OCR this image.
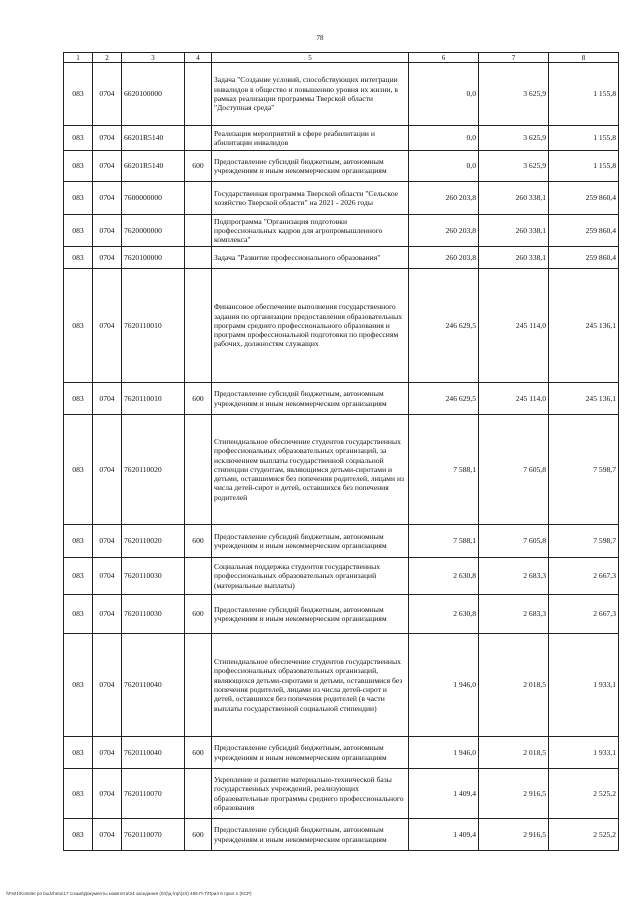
78
1	2	3	4	5	6	7	8
083	0704	6620100000		Задача "Создание условий, способствующих интеграции инвалидов в общество и повышению уровня их жизни, в рамках реализации программы Тверской области "Доступная среда"	0,0	3 625,9	1 155,8
083	0704	66201R5140		Реализация мероприятий в сфере реабилитации и абилитации инвалидов	0,0	3 625,9	1 155,8
083	0704	66201R5140	600	Предоставление субсидий бюджетным, автономным учреждениям и иным некоммерческим организациям	0,0	3 625,9	1 155,8
083	0704	7600000000		Государственная программа Тверской области "Сельское хозяйство Тверской области" на 2021 - 2026 годы	260 203,8	260 338,1	259 860,4
083	0704	7620000000		Подпрограмма "Организация подготовки профессиональных кадров для агропромышленного комплекса"	260 203,8	260 338,1	259 860,4
083	0704	7620100000		Задача "Развитие профессионального образования"	260 203,8	260 338,1	259 860,4
083	0704	7620110010		Финансовое обеспечение выполнения государственного задания по организации предоставления образовательных программ среднего профессионального образования и программ профессиональной подготовки по профессиям рабочих, должностям служащих	246 629,5	245 114,0	245 136,1
083	0704	7620110010	600	Предоставление субсидий бюджетным, автономным учреждениям и иным некоммерческим организациям	246 629,5	245 114,0	245 136,1
083	0704	7620110020		Стипендиальное обеспечение студентов государственных профессиональных образовательных организаций, за исключением выплаты государственной социальной стипендии студентам, являющимся детьми-сиротами и детьми, оставшимися без попечения родителей, лицами из числа детей-сирот и детей, оставшихся без попечения родителей	7 588,1	7 605,8	7 598,7
083	0704	7620110020	600	Предоставление субсидий бюджетным, автономным учреждениям и иным некоммерческим организациям	7 588,1	7 605,8	7 598,7
083	0704	7620110030		Социальная поддержка студентов государственных профессиональных образовательных организаций (материальные выплаты)	2 630,8	2 683,3	2 667,3
083	0704	7620110030	600	Предоставление субсидий бюджетным, автономным учреждениям и иным некоммерческим организациям	2 630,8	2 683,3	2 667,3
083	0704	7620110040		Стипендиальное обеспечение студентов государственных профессиональных образовательных организаций, являющихся детьми-сиротами и детьми, оставшимися без попечения родителей, лицами из числа детей-сирот и детей, оставшихся без попечения родителей (в части выплаты государственной социальной стипендии)	1 946,0	2 018,5	1 933,1
083	0704	7620110040	600	Предоставление субсидий бюджетным, автономным учреждениям и иным некоммерческим организациям	1 946,0	2 018,5	1 933,1
083	0704	7620110070		Укрепление и развитие материально-технической базы государственных учреждений, реализующих образовательные программы среднего профессионального образования	1 409,4	2 916,5	2 525,2
083	0704	7620110070	600	Предоставление субсидий бюджетным, автономным учреждениям и иным некоммерческим организациям	1 409,4	2 916,5	2 525,2
\\Fs01\Komitet po budzhetu\17 созыв\Документы комитета\24 заседания (04)\д-\пр\(24) 486-П-7\Прил 6 прил 1 (КСР)
